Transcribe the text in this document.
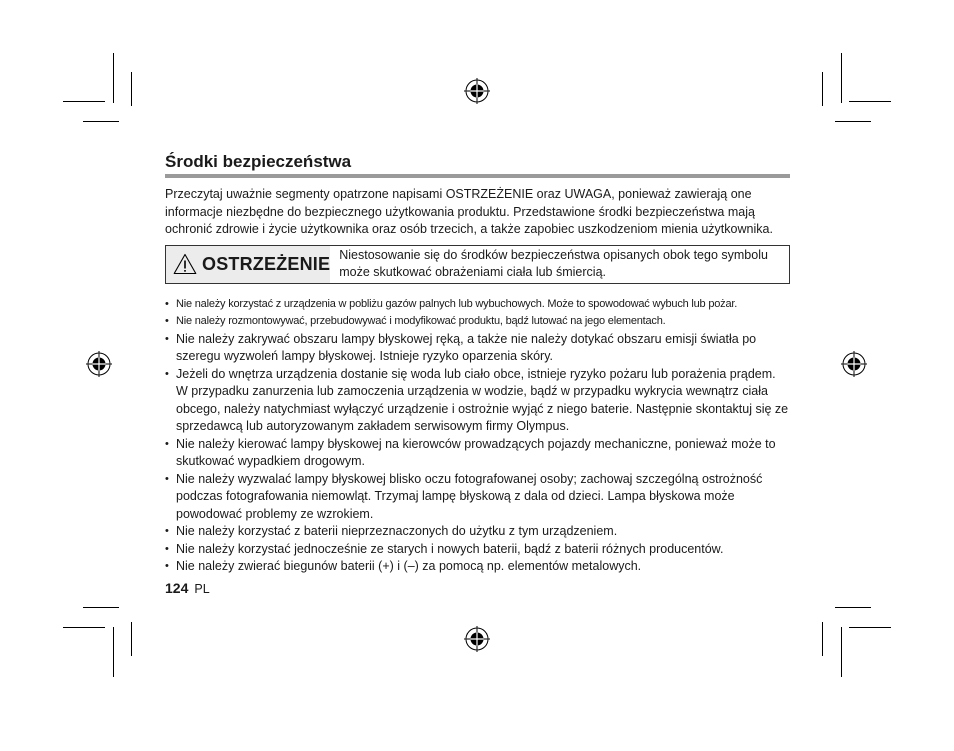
Środki bezpieczeństwa

Przeczytaj uważnie segmenty opatrzone napisami OSTRZEŻENIE oraz UWAGA, ponieważ zawierają one informacje niezbędne do bezpiecznego użytkowania produktu. Przedstawione środki bezpieczeństwa mają ochronić zdrowie i życie użytkownika oraz osób trzecich, a także zapobiec uszkodzeniom mienia użytkownika.

OSTRZEŻENIE Niestosowanie się do środków bezpieczeństwa opisanych obok tego symbolu może skutkować obrażeniami ciała lub śmiercią.
• Nie należy korzystać z urządzenia w pobliżu gazów palnych lub wybuchowych. Może to spowodować wybuch lub pożar.
• Nie należy rozmontowywać, przebudowywać i modyfikować produktu, bądź lutować na jego elementach.
• Nie należy zakrywać obszaru lampy błyskowej ręką, a także nie należy dotykać obszaru emisji światła po szeregu wyzwoleń lampy błyskowej. Istnieje ryzyko oparzenia skóry.
• Jeżeli do wnętrza urządzenia dostanie się woda lub ciało obce, istnieje ryzyko pożaru lub porażenia prądem. W przypadku zanurzenia lub zamoczenia urządzenia w wodzie, bądź w przypadku wykrycia wewnątrz ciała obcego, należy natychmiast wyłączyć urządzenie i ostrożnie wyjąć z niego baterie. Następnie skontaktuj się ze sprzedawcą lub autoryzowanym zakładem serwisowym firmy Olympus.
• Nie należy kierować lampy błyskowej na kierowców prowadzących pojazdy mechaniczne, ponieważ może to skutkować wypadkiem drogowym.
• Nie należy wyzwalać lampy błyskowej blisko oczu fotografowanej osoby; zachowaj szczególną ostrożność podczas fotografowania niemowląt. Trzymaj lampę błyskową z dala od dzieci. Lampa błyskowa może powodować problemy ze wzrokiem.
• Nie należy korzystać z baterii nieprzeznaczonych do użytku z tym urządzeniem.
• Nie należy korzystać jednocześnie ze starych i nowych baterii, bądź z baterii różnych producentów.
• Nie należy zwierać biegunów baterii (+) i (–) za pomocą np. elementów metalowych.
124 PL
